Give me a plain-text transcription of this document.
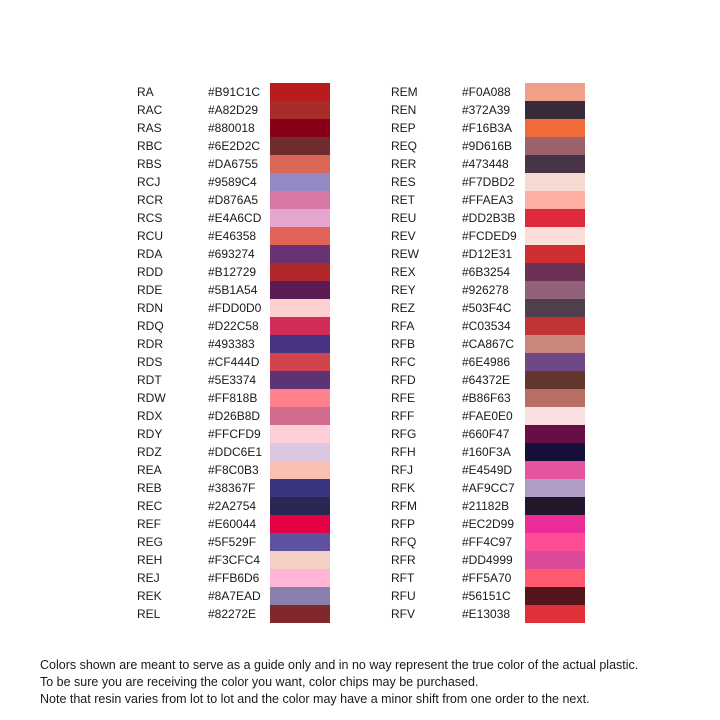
RA	#B91C1C
RAC	#A82D29
RAS	#880018
RBC	#6E2D2C
RBS	#DA6755
RCJ	#9589C4
RCR	#D876A5
RCS	#E4A6CD
RCU	#E46358
RDA	#693274
RDD	#B12729
RDE	#5B1A54
RDN	#FDD0D0
RDQ	#D22C58
RDR	#493383
RDS	#CF444D
RDT	#5E3374
RDW	#FF818B
RDX	#D26B8D
RDY	#FFCFD9
RDZ	#DDC6E1
REA	#F8C0B3
REB	#38367F
REC	#2A2754
REF	#E60044
REG	#5F529F
REH	#F3CFC4
REJ	#FFB6D6
REK	#8A7EAD
REL	#82272E
REM	#F0A088
REN	#372A39
REP	#F16B3A
REQ	#9D616B
RER	#473448
RES	#F7DBD2
RET	#FFAEA3
REU	#DD2B3B
REV	#FCDED9
REW	#D12E31
REX	#6B3254
REY	#926278
REZ	#503F4C
RFA	#C03534
RFB	#CA867C
RFC	#6E4986
RFD	#64372E
RFE	#B86F63
RFF	#FAE0E0
RFG	#660F47
RFH	#160F3A
RFJ	#E4549D
RFK	#AF9CC7
RFM	#21182B
RFP	#EC2D99
RFQ	#FF4C97
RFR	#DD4999
RFT	#FF5A70
RFU	#56151C
RFV	#E13038
Colors shown are meant to serve as a guide only and in no way represent the true color of the actual plastic.
To be sure you are receiving the color you want, color chips may be purchased.
Note that resin varies from lot to lot and the color may have a minor shift from one order to the next.
